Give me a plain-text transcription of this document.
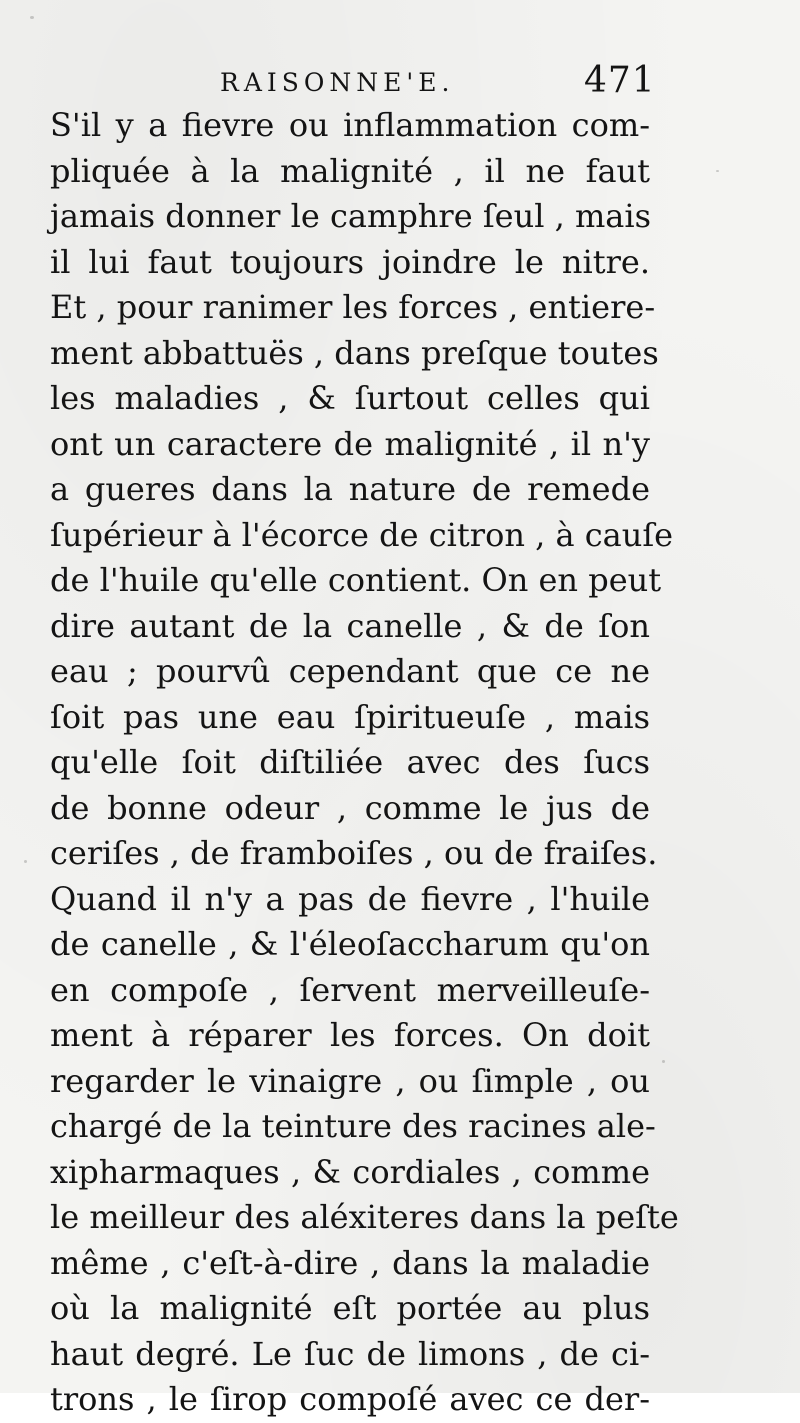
RAISONNE'E.	471
S'il y a fievre ou inflammation com-
pliquée à la malignité , il ne faut
jamais donner le camphre ſeul , mais
il lui faut toujours joindre le nitre.
Et , pour ranimer les forces , entiere-
ment abbattuës , dans preſque toutes
les maladies , & ſurtout celles qui
ont un caractere de malignité , il n'y
a gueres dans la nature de remede
ſupérieur à l'écorce de citron , à cauſe
de l'huile qu'elle contient. On en peut
dire autant de la canelle , & de ſon
eau ; pourvû cependant que ce ne
ſoit pas une eau ſpiritueuſe , mais
qu'elle ſoit diſtiliée avec des ſucs
de bonne odeur , comme le jus de
ceriſes , de framboiſes , ou de fraiſes.
Quand il n'y a pas de fievre , l'huile
de canelle , & l'éleoſaccharum qu'on
en compoſe , ſervent merveilleuſe-
ment à réparer les forces. On doit
regarder le vinaigre , ou ſimple , ou
chargé de la teinture des racines ale-
xipharmaques , & cordiales , comme
le meilleur des aléxiteres dans la peſte
même , c'eſt-à-dire , dans la maladie
où la malignité eſt portée au plus
haut degré. Le ſuc de limons , de ci-
trons , le ſirop compoſé avec ce der-
